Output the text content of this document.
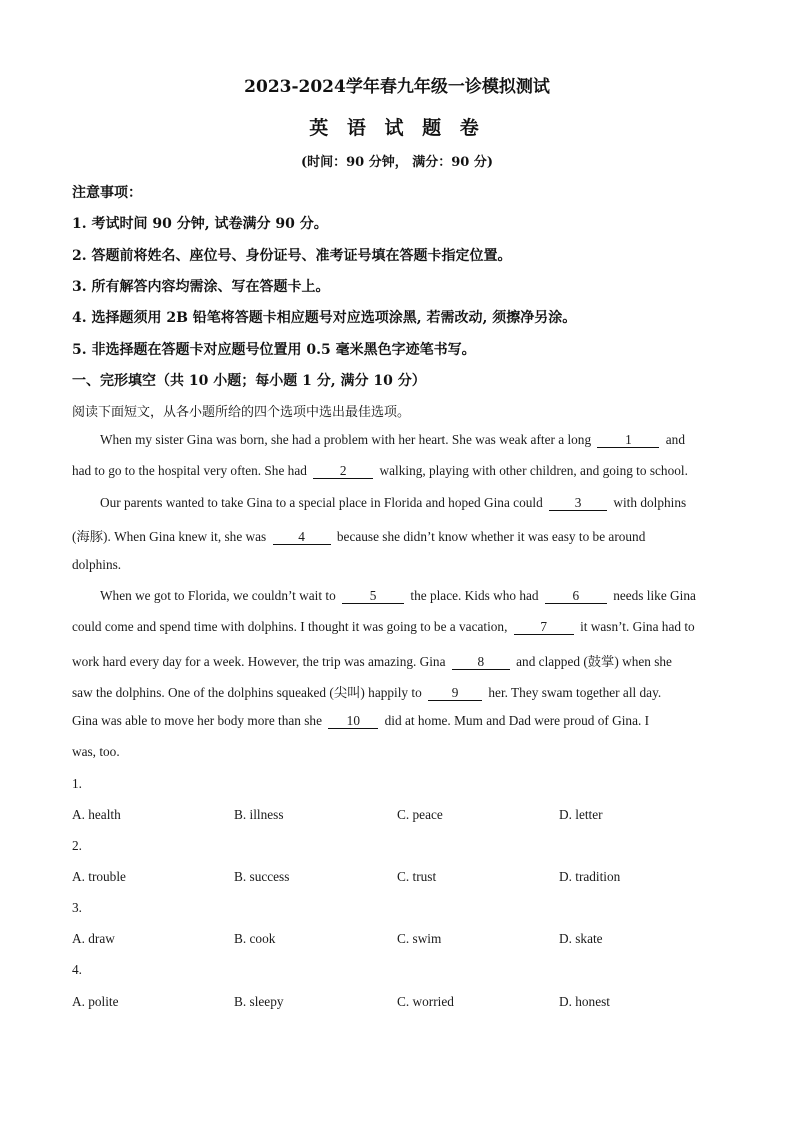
2023-2024学年春九年级一诊模拟测试
英 语 试 题 卷
(时间：90 分钟， 满分：90 分)
注意事项：
1. 考试时间 90 分钟, 试卷满分 90 分。
2. 答题前将姓名、座位号、身份证号、准考证号填在答题卡指定位置。
3. 所有解答内容均需涂、写在答题卡上。
4. 选择题须用 2B 铅笔将答题卡相应题号对应选项涂黑, 若需改动, 须擦净另涂。
5. 非选择题在答题卡对应题号位置用 0.5 毫米黑色字迹笔书写。
一、完形填空（共 10 小题；每小题 1 分, 满分 10 分）
阅读下面短文，从各小题所给的四个选项中选出最佳选项。
When my sister Gina was born, she had a problem with her heart. She was weak after a long	1	and
had to go to the hospital very often. She had 2 walking, playing with other children, and going to school.
Our parents wanted to take Gina to a special place in Florida and hoped Gina could 3 with dolphins
(海豚). When Gina knew it, she was 4 because she didn’t know whether it was easy to be around
dolphins.
When we got to Florida, we couldn’t wait to	5	the place. Kids who had	6	needs like Gina
could come and spend time with dolphins. I thought it was going to be a vacation, 7 it wasn’t. Gina had to
work hard every day for a week. However, the trip was amazing. Gina 8 and clapped (鼓掌) when she
saw the dolphins. One of the dolphins squeaked (尖叫) happily to 9 her. They swam together all day.
Gina was able to move her body more than she 10 did at home. Mum and Dad were proud of Gina. I
was, too.
1.
A. health	B. illness	C. peace	D. letter
2.
A. trouble	B. success	C. trust	D. tradition
3.
A. draw	B. cook	C. swim	D. skate
4.
A. polite	B. sleepy	C. worried	D. honest
